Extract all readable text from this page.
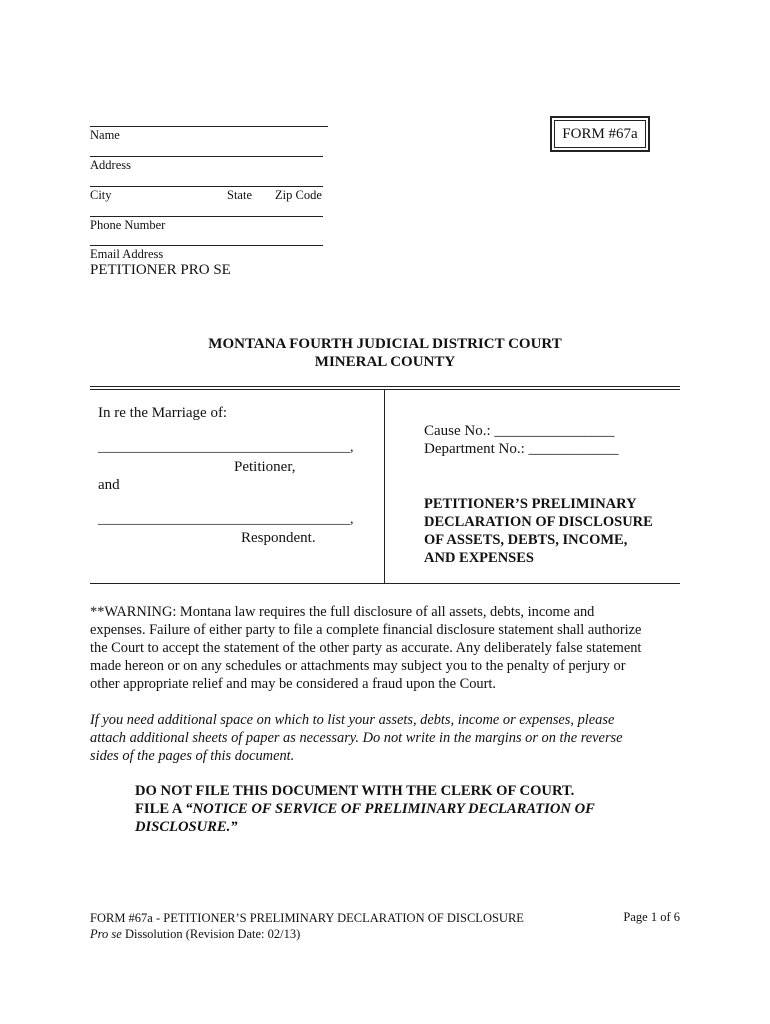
Name
Address
City	State Zip Code
Phone Number
Email Address
PETITIONER PRO SE
FORM #67a
MONTANA FOURTH JUDICIAL DISTRICT COURT
MINERAL COUNTY
In re the Marriage of:
____________________________________,
Petitioner,
and
____________________________________,
Respondent.
Cause No.: ________________
Department No.: ____________
PETITIONER’S PRELIMINARY
DECLARATION OF DISCLOSURE
OF ASSETS, DEBTS, INCOME,
AND EXPENSES
**WARNING: Montana law requires the full disclosure of all assets, debts, income and
expenses. Failure of either party to file a complete financial disclosure statement shall authorize
the Court to accept the statement of the other party as accurate. Any deliberately false statement
made hereon or on any schedules or attachments may subject you to the penalty of perjury or
other appropriate relief and may be considered a fraud upon the Court.
If you need additional space on which to list your assets, debts, income or expenses, please
attach additional sheets of paper as necessary. Do not write in the margins or on the reverse
sides of the pages of this document.
DO NOT FILE THIS DOCUMENT WITH THE CLERK OF COURT.
FILE A “NOTICE OF SERVICE OF PRELIMINARY DECLARATION OF
DISCLOSURE.”
FORM #67a - PETITIONER’S PRELIMINARY DECLARATION OF DISCLOSURE
Pro se Dissolution (Revision Date: 02/13)
Page 1 of 6
